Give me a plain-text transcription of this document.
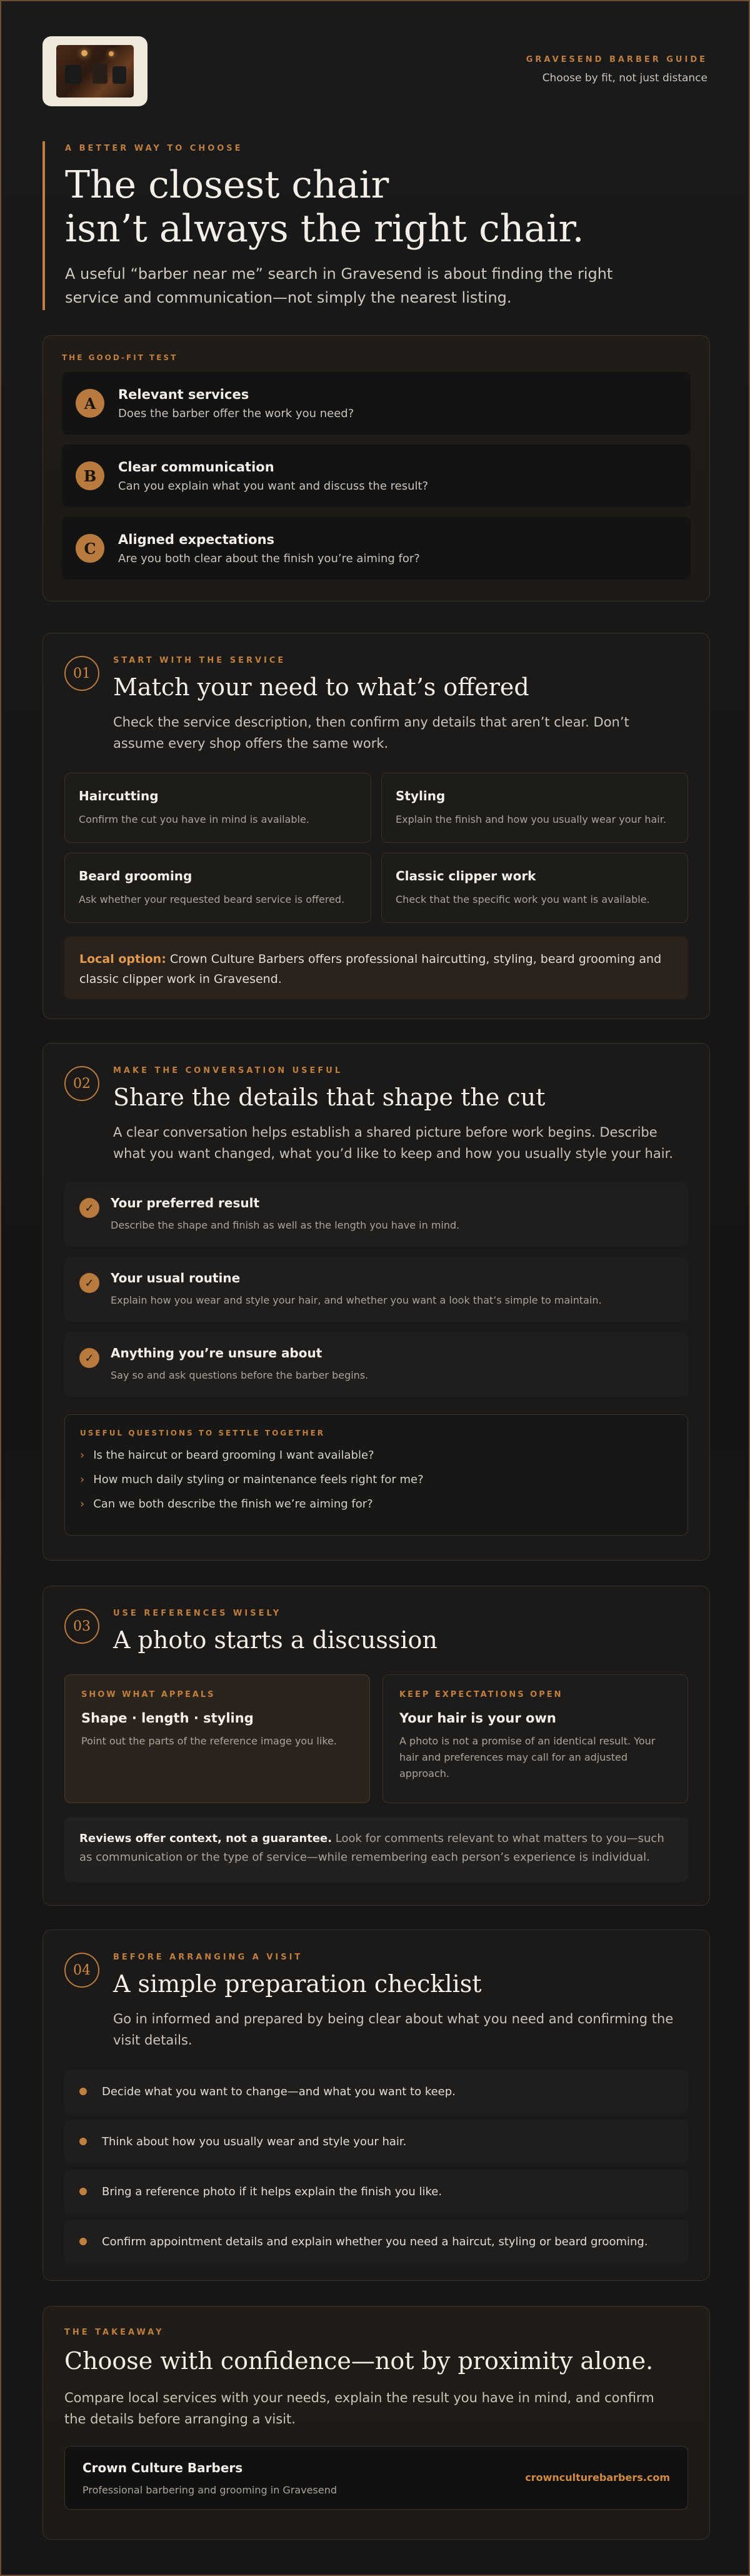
GRAVESEND BARBER GUIDE
Choose by fit, not just distance
A BETTER WAY TO CHOOSE
The closest chair
isn’t always the right chair.

A useful “barber near me” search in Gravesend is about finding the right service and communication—not simply the nearest listing.

THE GOOD-FIT TEST
A	Relevant services
Does the barber offer the work you need?
B	Clear communication
Can you explain what you want and discuss the result?
C	Aligned expectations
Are you both clear about the finish you’re aiming for?
01
START WITH THE SERVICE
Match your need to what’s offered

Check the service description, then confirm any details that aren’t clear. Don’t assume every shop offers the same work.

Haircutting
Confirm the cut you have in mind is available.
Styling
Explain the finish and how you usually wear your hair.
Beard grooming
Ask whether your requested beard service is offered.
Classic clipper work
Check that the specific work you want is available.
Local option: Crown Culture Barbers offers professional haircutting, styling, beard grooming and classic clipper work in Gravesend.
02
MAKE THE CONVERSATION USEFUL
Share the details that shape the cut

A clear conversation helps establish a shared picture before work begins. Describe what you want changed, what you’d like to keep and how you usually style your hair.

✓	Your preferred result
Describe the shape and finish as well as the length you have in mind.
✓	Your usual routine
Explain how you wear and style your hair, and whether you want a look that’s simple to maintain.
✓	Anything you’re unsure about
Say so and ask questions before the barber begins.
USEFUL QUESTIONS TO SETTLE TOGETHER
› Is the haircut or beard grooming I want available?
› How much daily styling or maintenance feels right for me?
› Can we both describe the finish we’re aiming for?
03
USE REFERENCES WISELY
A photo starts a discussion
SHOW WHAT APPEALS
Shape · length · styling
Point out the parts of the reference image you like.
KEEP EXPECTATIONS OPEN
Your hair is your own
A photo is not a promise of an identical result. Your hair and preferences may call for an adjusted approach.
Reviews offer context, not a guarantee. Look for comments relevant to what matters to you—such as communication or the type of service—while remembering each person’s experience is individual.
04
BEFORE ARRANGING A VISIT
A simple preparation checklist

Go in informed and prepared by being clear about what you need and confirming the visit details.

Decide what you want to change—and what you want to keep.
Think about how you usually wear and style your hair.
Bring a reference photo if it helps explain the finish you like.
Confirm appointment details and explain whether you need a haircut, styling or beard grooming.
THE TAKEAWAY
Choose with confidence—not by proximity alone.

Compare local services with your needs, explain the result you have in mind, and confirm the details before arranging a visit.

Crown Culture Barbers
Professional barbering and grooming in Gravesend
crownculturebarbers.com
